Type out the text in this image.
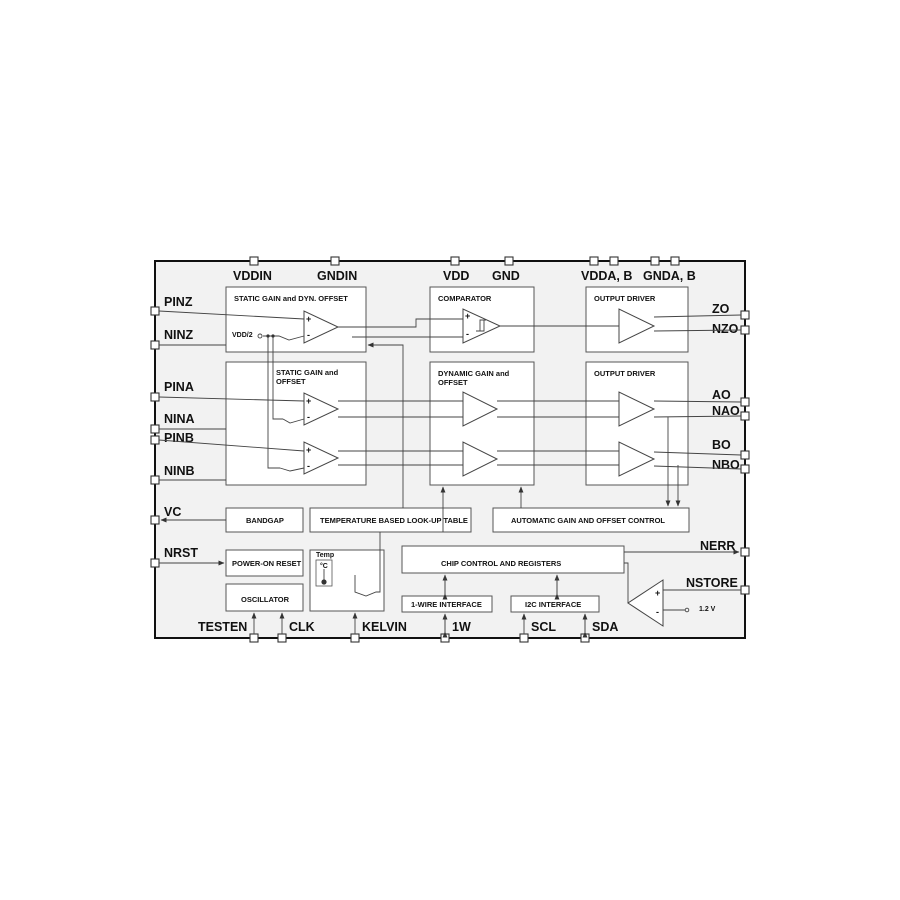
VDDIN	GNDIN	VDD GND	VDDA, B GNDA, B
PINZ
NINZ
PINA
NINA
PINB
NINB
VC
NRST
ZO
NZO
AO
NAO
BO
NBO
NERR
NSTORE
TESTEN	CLK	KELVIN	1W	SCL	SDA
STATIC GAIN and DYN. OFFSET
VDD/2
STATIC GAIN and
OFFSET
COMPARATOR
DYNAMIC GAIN and
OFFSET
OUTPUT DRIVER
OUTPUT DRIVER
BANDGAP	TEMPERATURE BASED LOOK-UP TABLE	AUTOMATIC GAIN AND OFFSET CONTROL
POWER-ON RESET
Temp
°C
OSCILLATOR
CHIP CONTROL AND REGISTERS
1-WIRE INTERFACE	I2C INTERFACE
+
-
+
-
+
-
+
-
+
-	1.2 V
